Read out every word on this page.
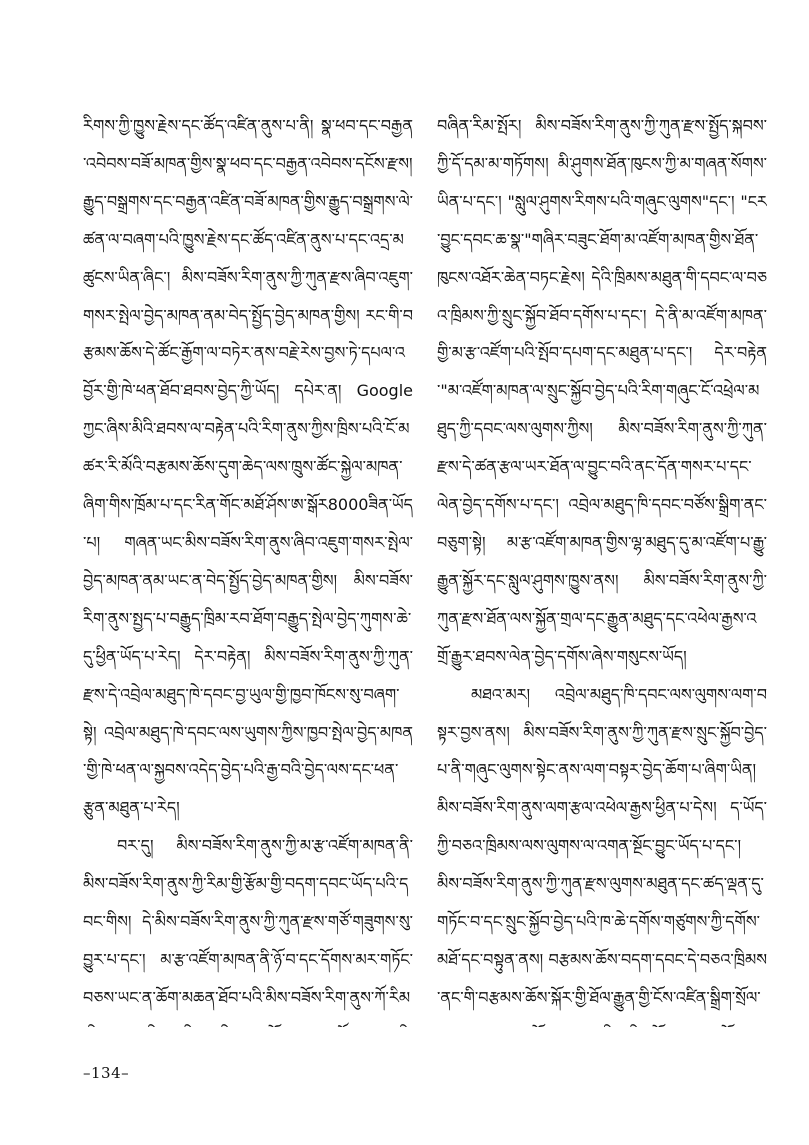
རིགས་ཀྱི་ཁྱུས་རྗེས་དང་ཚོད་འཛིན་ནུས་པ་ནི། སྣ་ཕབ་དང་བརྒྱན་འབེབས་བཟོ་མཁན་གྱིས་སྣ་ཕབ་དང་བརྒྱན་འབེབས་དངོས་རྫས། རྒྱུད་བསྒྲགས་དང་བརྒྱན་འཛིན་བཟོ་མཁན་གྱིས་རྒྱུད་བསྒྲགས་ལེ་ཚན་ལ་བཞག་པའི་ཁྱུས་རྗེས་དང་ཚོད་འཛིན་ནུས་པ་དང་འདྲ་མཚུངས་ཡིན་ཞིང་། མིས་བཟོས་རིག་ནུས་ཀྱི་ཀུན་རྫས་ཞིབ་འཇུག་གསར་སྤེལ་བྱེད་མཁན་ནམ་བེད་སྤྱོད་བྱེད་མཁན་གྱིས། རང་གི་བརྩམས་ཆོས་དེ་ཚོང་རྒྱོག་ལ་བཏེར་ནས་བརྗེ་རེས་བྱས་ཏེ་དཔལ་འབྱོར་གྱི་ཁེ་ཕན་ཐོབ་ཐབས་བྱེད་ཀྱི་ཡོད། དཔེར་ན། Googleཀྱང་ཞིས་མིའི་ཐབས་ལ་བརྟེན་པའི་རིག་ནུས་ཀྱིས་ཁྲིས་པའི་ངོ་མཚར་རི་མོའི་བརྩམས་ཆོས་དུག་ཆེད་ལས་ཁྲུས་ཚོང་སྐྱེལ་མཁན་ཞིག་གིས་ཁྲོམ་པ་དང་རིན་གོང་མཐོ་ཤོས་ཨ་སྒོར8000ཟིན་ཡོད་པ། གཞན་ཡང་མིས་བཟོས་རིག་ནུས་ཞིབ་འཇུག་གསར་སྤེལ་བྱེད་མཁན་ནམ་ཡང་ན་བེད་སྤྱོད་བྱེད་མཁན་གྱིས། མིས་བཟོས་རིག་ནུས་སྤྱད་པ་བརྒྱུད་ཁྲིམ་རབ་ཐོག་བརྒྱུད་སྤེལ་བྱེད་ཀུགས་ཆེ་དུ་ཕྱིན་ཡོད་པ་རེད། དེར་བརྟེན། མིས་བཟོས་རིག་ནུས་ཀྱི་ཀུན་རྫས་དེ་འབྲེལ་མཐུད་ཁེ་དབང་བྱ་ཡུལ་གྱི་ཁྱབ་ཁོངས་སུ་བཞག་སྟེ། འབྲེལ་མཐུད་ཁེ་དབང་ལས་ཡུགས་ཀྱིས་ཁྱབ་སྤེལ་བྱེད་མཁན་གྱི་ཁེ་ཕན་ལ་སྐྱབས་འདེད་བྱེད་པའི་རྒྱ་བའི་བྱེད་ལས་དང་ཕན་རྩུན་མཐུན་པ་རེད།

བར་དུ། མིས་བཟོས་རིག་ནུས་ཀྱི་མ་རྩ་འཛོག་མཁན་ནི་མིས་བཟོས་རིག་ནུས་ཀྱི་རིམ་གྱི་རྩོམ་གྱི་བདག་དབང་ཡོད་པའི་དབང་གིས། དེ་མིས་བཟོས་རིག་ནུས་ཀྱི་ཀུན་རྫས་གཙོ་གཟུགས་སུ་བྱུར་པ་དང་། མ་རྩ་འཛོག་མཁན་ནི་ཉོ་བ་དང་དོགས་མར་གཏོང་བཅས་ཡང་ན་ཆོག་མཆན་ཐོབ་པའི་མིས་བཟོས་རིག་ནུས་ཀོ་རིམ

བཞིན་རིམ་སྤོར། མིས་བཟོས་རིག་ནུས་ཀྱི་ཀུན་རྫས་སྤྱོད་སྐབས་ཀྱི་དོ་དམ་མ་གཏོགས། མི་ཤུགས་ཐོན་ཁུངས་ཀྱི་མ་གཞན་སོགས་ཡིན་པ་དང་། "སླུལ་ཤུགས་རིགས་པའི་གཞུང་ལུགས"དང་། "ངར་བྱུང་དབང་ཆ་སྣ་"གཞིར་བཟུང་ཐོག་མ་འཛོག་མཁན་གྱིས་ཐོན་ཁུངས་འཐོར་ཆེན་བཏང་རྗེས། དེའི་ཁྲིམས་མཐུན་གི་དབང་ལ་བཅའ་ཁྲིམས་ཀྱི་སྲུང་སྐྱོབ་ཐོབ་དགོས་པ་དང་། དེ་ནི་མ་འཛོག་མཁན་གྱི་མ་རྩ་འཛོག་པའི་སྤོབ་དཔག་དང་མཐུན་པ་དང་། དེར་བརྟེན་"མ་འཛོག་མཁན་ལ་སྲུང་སྐྱོབ་བྱེད་པའི་རིག་གཞུང་ངོ་འཕྲེལ་མཐུད་ཀྱི་དབང་ལས་ལུགས་ཀྱིས། མིས་བཟོས་རིག་ནུས་ཀྱི་ཀུན་རྫས་དེ་ཚན་རྩལ་ཡར་ཐོན་ལ་བྱུང་བའི་ནང་དོན་གསར་པ་དང་ལེན་བྱེད་དགོས་པ་དང་། འབྲེལ་མཐུད་ཁི་དབང་བཙོས་སྒྲིག་ནང་བཅུག་སྟེ། མ་རྩ་འཛོག་མཁན་གྱིས་ལྷ་མཐུད་དུ་མ་འཛོག་པ་རྒྱུ་རྒྱུན་སྐྱོར་དང་སླུལ་ཤུགས་ཁྱུས་ནས། མིས་བཟོས་རིག་ནུས་ཀྱི་ཀུན་རྫས་ཐོན་ལས་སྐྱོན་གྲལ་དང་རྒྱུན་མཐུད་དང་འཕེལ་རྒྱས་འགྲོ་རྒྱུར་ཐབས་ལེན་བྱེད་དགོས་ཞེས་གསུངས་ཡོད།

མཐའ་མར། འབྲེལ་མཐུད་ཁི་དབང་ལས་ལུགས་ལག་བསྟར་བྱས་ནས། མིས་བཟོས་རིག་ནུས་ཀྱི་ཀུན་རྫས་སྲུང་སྐྱོབ་བྱེད་པ་ནི་གཞུང་ལུགས་སྟེང་ནས་ལག་བསྟར་བྱེད་ཆོག་པ་ཞིག་ཡིན། མིས་བཟོས་རིག་ནུས་ལག་རྩལ་འཕེལ་རྒྱས་ཕྱིན་པ་དེས། ད་ཡོད་ཀྱི་བཅའ་ཁྲིམས་ལས་ལུགས་ལ་འགན་སྔོང་བྱུང་ཡོད་པ་དང་། མིས་བཟོས་རིག་ནུས་ཀྱི་ཀུན་རྫས་ལུགས་མཐུན་དང་ཚད་ལྡན་དུ་གཏོང་བ་དང་སྲུང་སྐྱོབ་བྱེད་པའི་ཁ་ཆེ་དགོས་གཙུགས་ཀྱི་དགོས་མཐོ་དང་བསྟུན་ནས། བརྩམས་ཆོས་བདག་དབང་དེ་བཅའ་ཁྲིམས་ནང་གི་བརྩམས་ཆོས་སྐོར་གྱི་ཐོལ་རྒྱུན་གྱི་ངོས་འཛིན་སྒྲིག་སྲོལ་

–134–
